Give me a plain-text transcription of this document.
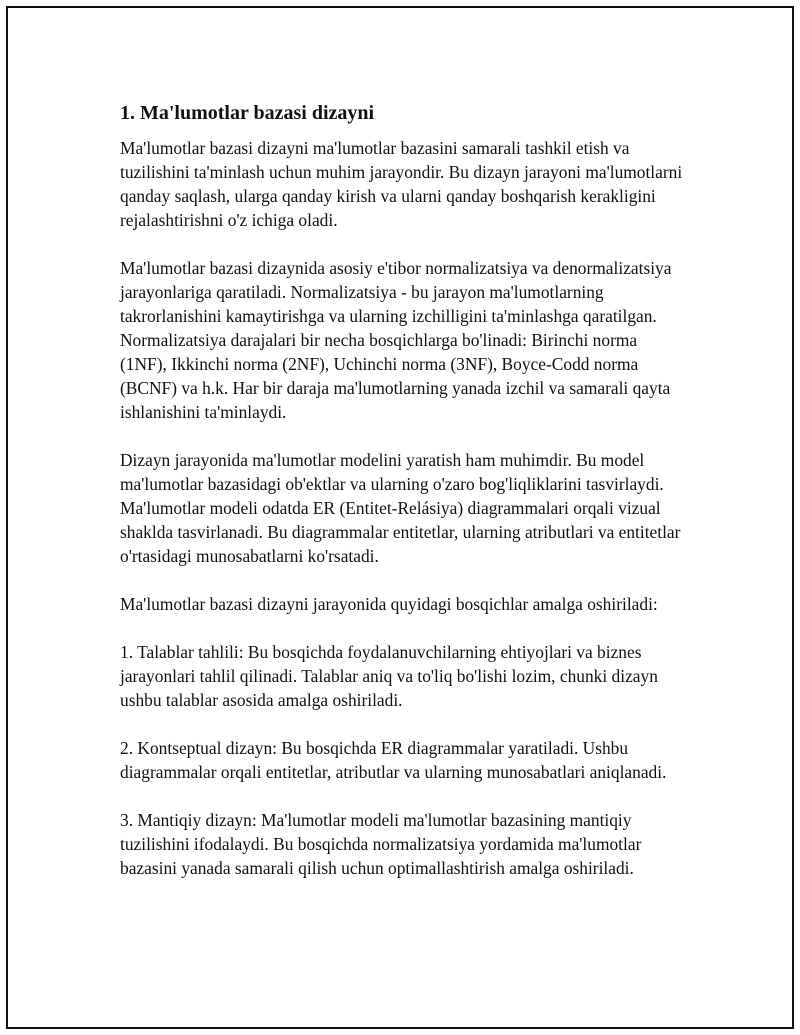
1. Ma'lumotlar bazasi dizayni

Ma'lumotlar bazasi dizayni ma'lumotlar bazasini samarali tashkil etish va tuzilishini ta'minlash uchun muhim jarayondir. Bu dizayn jarayoni ma'lumotlarni qanday saqlash, ularga qanday kirish va ularni qanday boshqarish kerakligini rejalashtirishni o'z ichiga oladi.

Ma'lumotlar bazasi dizaynida asosiy e'tibor normalizatsiya va denormalizatsiya jarayonlariga qaratiladi. Normalizatsiya - bu jarayon ma'lumotlarning takrorlanishini kamaytirishga va ularning izchilligini ta'minlashga qaratilgan. Normalizatsiya darajalari bir necha bosqichlarga bo'linadi: Birinchi norma (1NF), Ikkinchi norma (2NF), Uchinchi norma (3NF), Boyce-Codd norma (BCNF) va h.k. Har bir daraja ma'lumotlarning yanada izchil va samarali qayta ishlanishini ta'minlaydi.

Dizayn jarayonida ma'lumotlar modelini yaratish ham muhimdir. Bu model ma'lumotlar bazasidagi ob'ektlar va ularning o'zaro bog'liqliklarini tasvirlaydi. Ma'lumotlar modeli odatda ER (Entitet-Relásiya) diagrammalari orqali vizual shaklda tasvirlanadi. Bu diagrammalar entitetlar, ularning atributlari va entitetlar o'rtasidagi munosabatlarni ko'rsatadi.

Ma'lumotlar bazasi dizayni jarayonida quyidagi bosqichlar amalga oshiriladi:

1. Talablar tahlili: Bu bosqichda foydalanuvchilarning ehtiyojlari va biznes jarayonlari tahlil qilinadi. Talablar aniq va to'liq bo'lishi lozim, chunki dizayn ushbu talablar asosida amalga oshiriladi.

2. Kontseptual dizayn: Bu bosqichda ER diagrammalar yaratiladi. Ushbu diagrammalar orqali entitetlar, atributlar va ularning munosabatlari aniqlanadi.

3. Mantiqiy dizayn: Ma'lumotlar modeli ma'lumotlar bazasining mantiqiy tuzilishini ifodalaydi. Bu bosqichda normalizatsiya yordamida ma'lumotlar bazasini yanada samarali qilish uchun optimallashtirish amalga oshiriladi.
